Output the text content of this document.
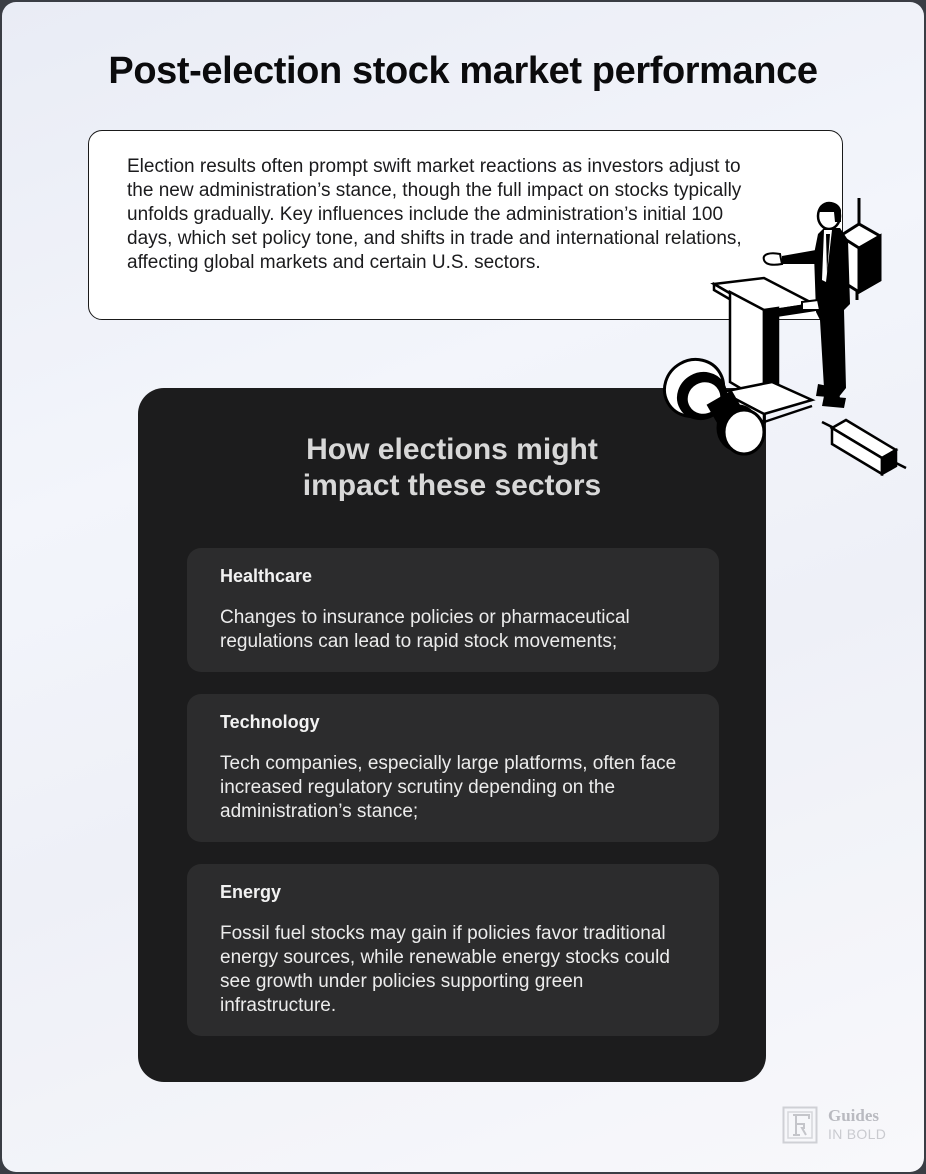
Post-election stock market performance

Election results often prompt swift market reactions as investors adjust to the new administration’s stance, though the full impact on stocks typically unfolds gradually. Key influences include the administration’s initial 100 days, which set policy tone, and shifts in trade and international relations, affecting global markets and certain U.S. sectors.

How elections might
impact these sectors

Healthcare

Changes to insurance policies or pharmaceutical regulations can lead to rapid stock movements;

Technology

Tech companies, especially large platforms, often face increased regulatory scrutiny depending on the administration’s stance;

Energy

Fossil fuel stocks may gain if policies favor traditional energy sources, while renewable energy stocks could see growth under policies supporting green infrastructure.

Guides
IN BOLD
